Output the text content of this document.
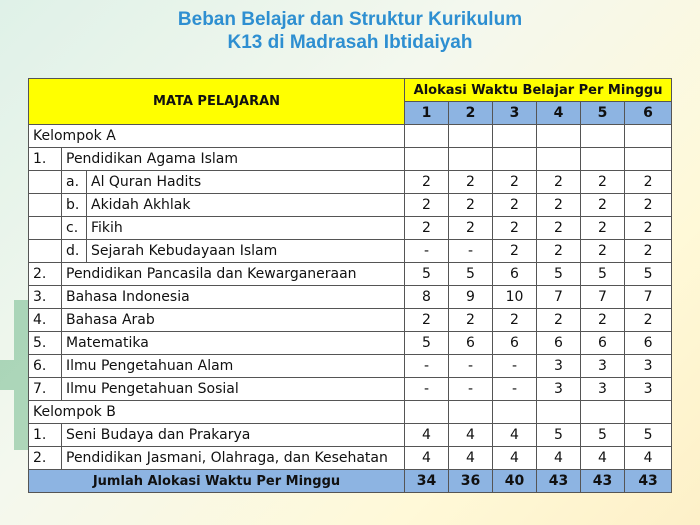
Beban Belajar dan Struktur Kurikulum
K13 di Madrasah Ibtidaiyah
MATA PELAJARAN			Alokasi Waktu Belajar Per Minggu					
			1	2	3	4	5	6
Kelompok A								
1.	Pendidikan Agama Islam							
	a.	Al Quran Hadits	2	2	2	2	2	2
	b.	Akidah Akhlak	2	2	2	2	2	2
	c.	Fikih	2	2	2	2	2	2
	d.	Sejarah Kebudayaan Islam	-	-	2	2	2	2
2.	Pendidikan Pancasila dan Kewarganeraan		5	5	6	5	5	5
3.	Bahasa Indonesia		8	9	10	7	7	7
4.	Bahasa Arab		2	2	2	2	2	2
5.	Matematika		5	6	6	6	6	6
6.	Ilmu Pengetahuan Alam		-	-	-	3	3	3
7.	Ilmu Pengetahuan Sosial		-	-	-	3	3	3
Kelompok B								
1.	Seni Budaya dan Prakarya		4	4	4	5	5	5
2.	Pendidikan Jasmani, Olahraga, dan Kesehatan		4	4	4	4	4	4
Jumlah Alokasi Waktu Per Minggu			34	36	40	43	43	43
